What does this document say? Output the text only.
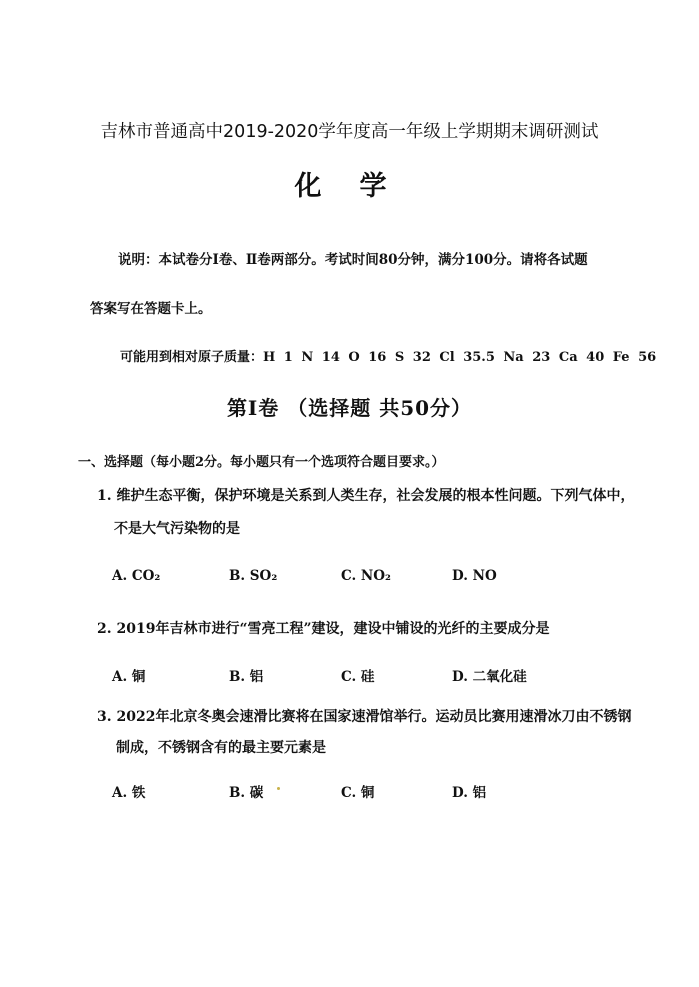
吉林市普通高中2019-2020学年度高一年级上学期期末调研测试
化学
说明：本试卷分Ⅰ卷、Ⅱ卷两部分。考试时间80分钟，满分100分。请将各试题
答案写在答题卡上。
可能用到相对原子质量：H 1 N 14 O 16 S 32 Cl 35.5 Na 23 Ca 40 Fe 56
第Ⅰ卷 （选择题 共50分）
一、选择题（每小题2分。每小题只有一个选项符合题目要求。）
1. 维护生态平衡，保护环境是关系到人类生存，社会发展的根本性问题。下列气体中，
不是大气污染物的是
A. CO₂	B. SO₂	C. NO₂	D. NO
2. 2019年吉林市进行“雪亮工程”建设，建设中铺设的光纤的主要成分是
A. 铜	B. 铝	C. 硅	D. 二氧化硅
3. 2022年北京冬奥会速滑比赛将在国家速滑馆举行。运动员比赛用速滑冰刀由不锈钢
制成，不锈钢含有的最主要元素是
A. 铁	B. 碳	C. 铜	D. 铝
